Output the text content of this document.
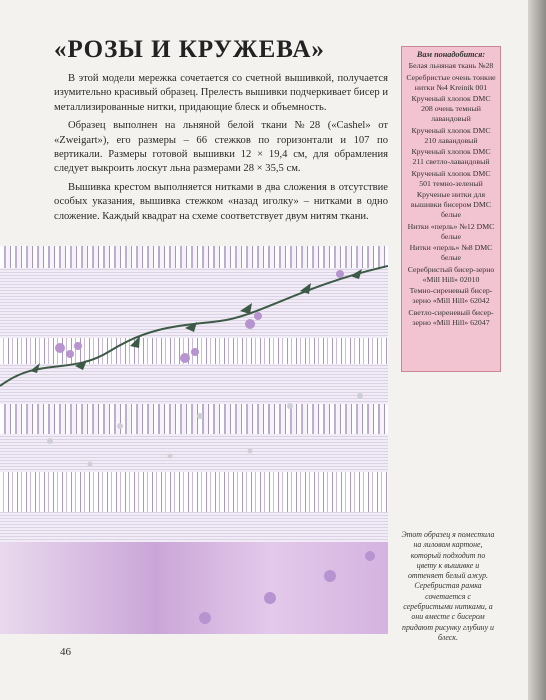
«РОЗЫ И КРУЖЕВА»

В этой модели мережка сочетается со счетной вышивкой, получается изумительно красивый образец. Прелесть вышивки подчеркивает бисер и металлизированные нитки, придающие блеск и объемность.

Образец выполнен на льняной белой ткани №28 («Cashel» от «Zweigart»), его размеры – 66 стежков по горизонтали и 107 по вертикали. Размеры готовой вышивки 12 × 19,4 см, для обрамления следует выкроить лоскут льна размерами 28 × 35,5 см.

Вышивка крестом выполняется нитками в два сложения в отсутствие особых указания, вышивка стежком «назад иголку» – нитками в одно сложение. Каждый квадрат на схеме соответствует двум нитям ткани.

Вам понадобится:
Белая льняная ткань №28
Серебристые очень тонкие нитки №4 Kreinik 001
Крученый хлопок DMC 208 очень темный лавандовый
Крученый хлопок DMC 210 лавандовый
Крученый хлопок DMC 211 светло-лавандовый
Крученый хлопок DMC 501 темно-зеленый
Крученые нитки для вышивки бисером DMC белые
Нитки «перль» №12 DMC белые
Нитки «перль» №8 DMC белые
Серебристый бисер-зерно «Mill Hill» 02010
Темно-сиреневый бисер-зерно «Mill Hill» 62042
Светло-сиреневый бисер-зерно «Mill Hill» 62047
Этот образец я поместила на лиловом картоне, который подходит по цвету к вышивке и оттеняет белый ажур. Серебристая рамка сочетается с серебристыми нитками, а они вместе с бисером придают рисунку глубину и блеск.
46
